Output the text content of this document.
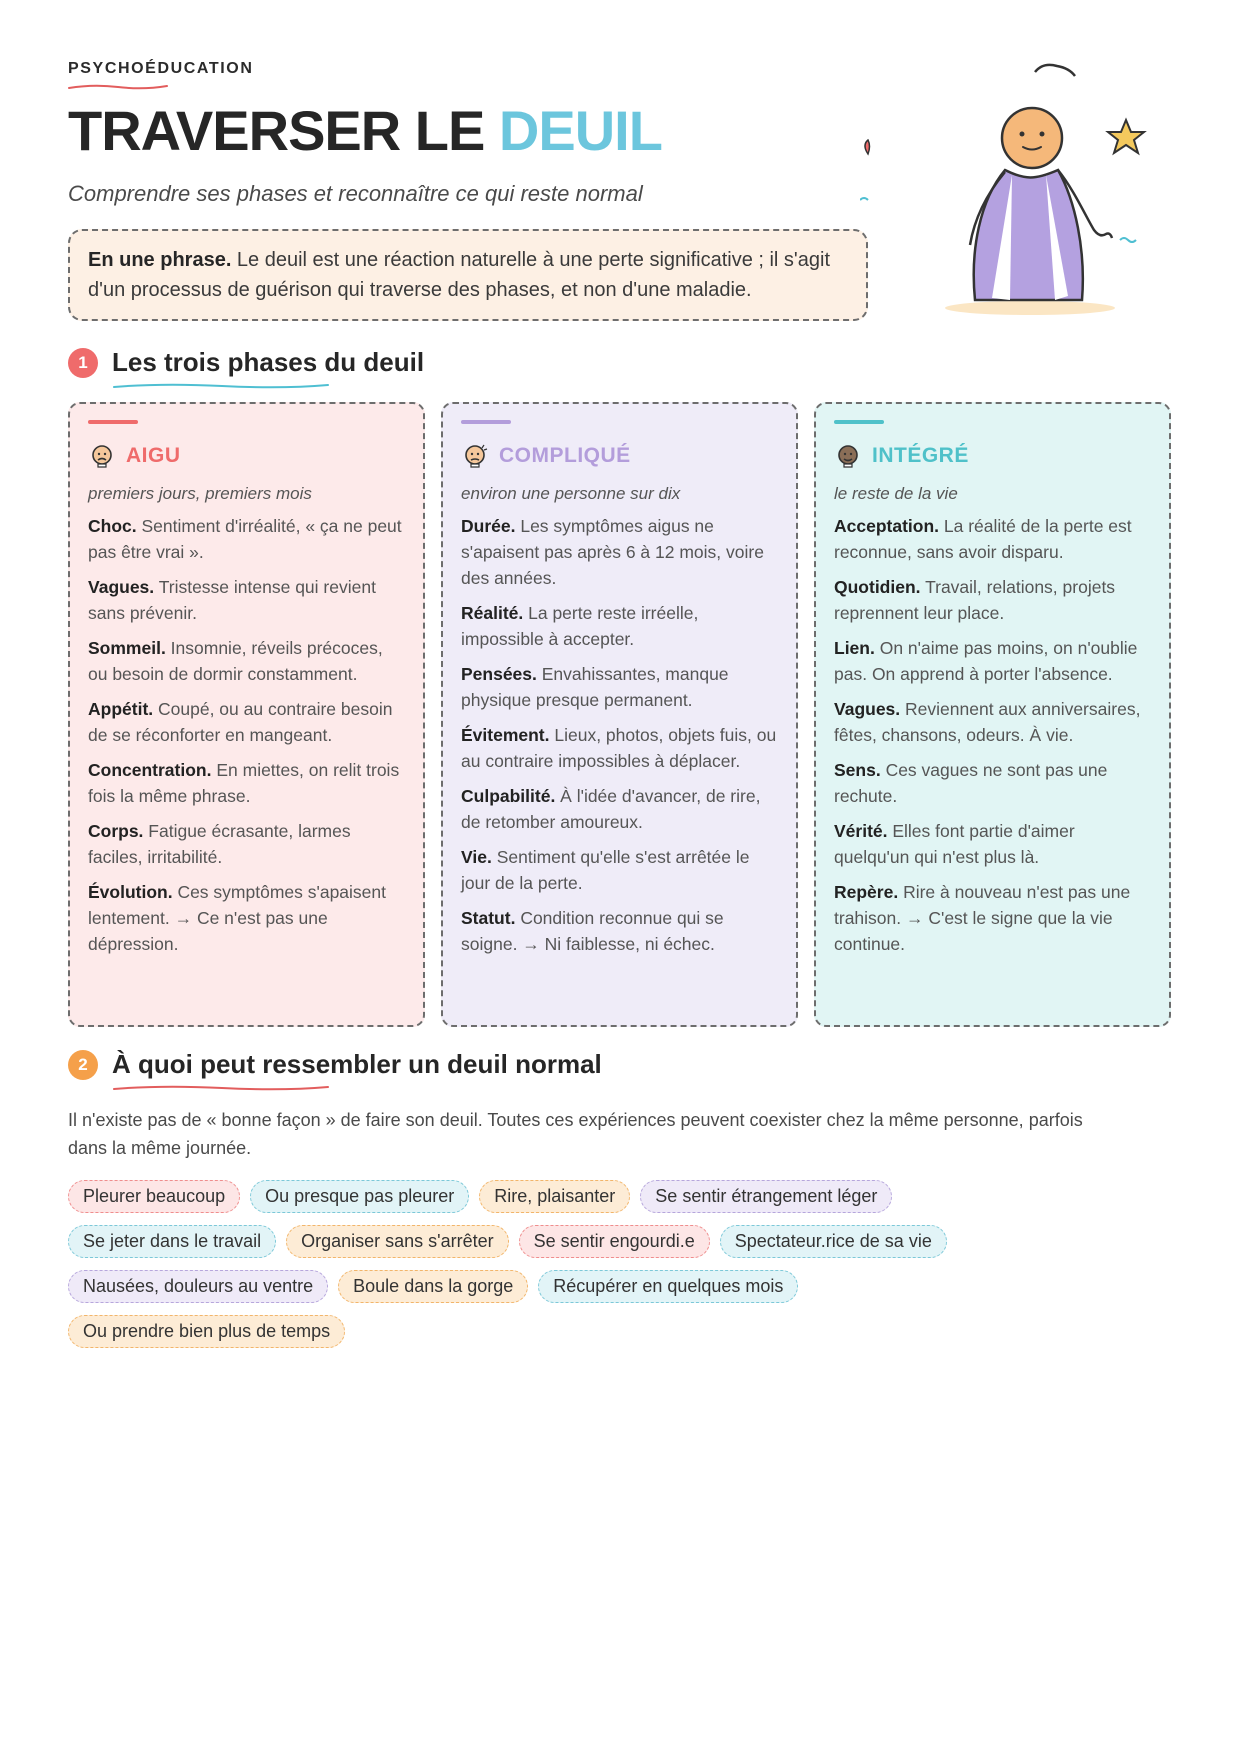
PSYCHOÉDUCATION

TRAVERSER LE DEUIL

Comprendre ses phases et reconnaître ce qui reste normal

En une phrase. Le deuil est une réaction naturelle à une perte significative ; il s'agit d'un processus de guérison qui traverse des phases, et non d'une maladie.
1 Les trois phases du deuil
AIGU
premiers jours, premiers mois
Choc. Sentiment d'irréalité, « ça ne peut pas être vrai ».
Vagues. Tristesse intense qui revient sans prévenir.
Sommeil. Insomnie, réveils précoces, ou besoin de dormir constamment.
Appétit. Coupé, ou au contraire besoin de se réconforter en mangeant.
Concentration. En miettes, on relit trois fois la même phrase.
Corps. Fatigue écrasante, larmes faciles, irritabilité.
Évolution. Ces symptômes s'apaisent lentement. → Ce n'est pas une dépression.
COMPLIQUÉ
environ une personne sur dix
Durée. Les symptômes aigus ne s'apaisent pas après 6 à 12 mois, voire des années.
Réalité. La perte reste irréelle, impossible à accepter.
Pensées. Envahissantes, manque physique presque permanent.
Évitement. Lieux, photos, objets fuis, ou au contraire impossibles à déplacer.
Culpabilité. À l'idée d'avancer, de rire, de retomber amoureux.
Vie. Sentiment qu'elle s'est arrêtée le jour de la perte.
Statut. Condition reconnue qui se soigne. → Ni faiblesse, ni échec.
INTÉGRÉ
le reste de la vie
Acceptation. La réalité de la perte est reconnue, sans avoir disparu.
Quotidien. Travail, relations, projets reprennent leur place.
Lien. On n'aime pas moins, on n'oublie pas. On apprend à porter l'absence.
Vagues. Reviennent aux anniversaires, fêtes, chansons, odeurs. À vie.
Sens. Ces vagues ne sont pas une rechute.
Vérité. Elles font partie d'aimer quelqu'un qui n'est plus là.
Repère. Rire à nouveau n'est pas une trahison. → C'est le signe que la vie continue.
2 À quoi peut ressembler un deuil normal

Il n'existe pas de « bonne façon » de faire son deuil. Toutes ces expériences peuvent coexister chez la même personne, parfois dans la même journée.

Pleurer beaucoup	Ou presque pas pleurer	Rire, plaisanter	Se sentir étrangement léger
Se jeter dans le travail	Organiser sans s'arrêter	Se sentir engourdi.e	Spectateur.rice de sa vie
Nausées, douleurs au ventre	Boule dans la gorge	Récupérer en quelques mois
Ou prendre bien plus de temps
